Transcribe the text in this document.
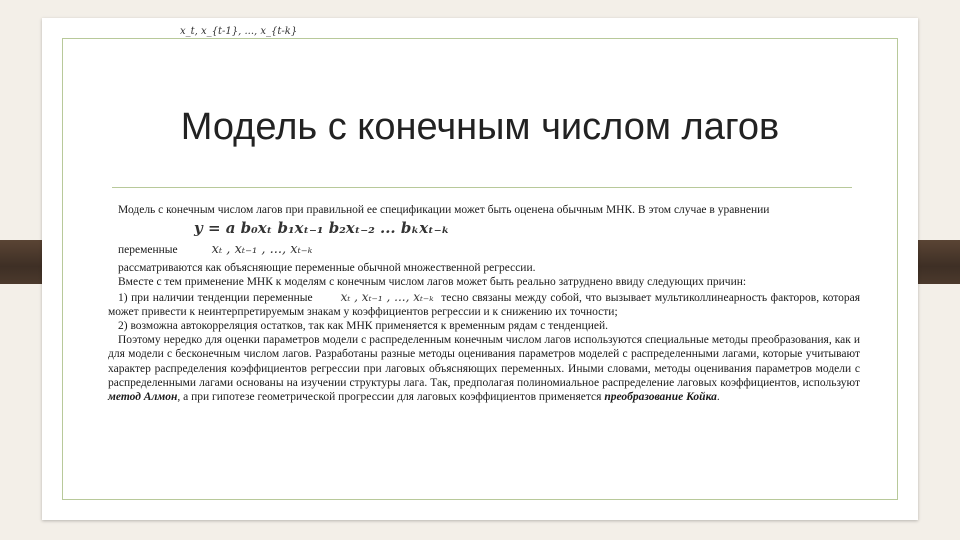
x_t, x_{t-1}, ..., x_{t-k}
Модель с конечным числом лагов

Модель с конечным числом лагов при правильной ее спецификации может быть оценена обычным МНК. В этом случае в уравнении

y = a b₀xₜ b₁xₜ₋₁ b₂xₜ₋₂ ... bₖxₜ₋ₖ
переменные	xₜ , xₜ₋₁ , ..., xₜ₋ₖ

рассматриваются как объясняющие переменные обычной множественной регрессии.

Вместе с тем применение МНК к моделям с конечным числом лагов может быть реально затруднено ввиду следующих причин:

1) при наличии тенденции переменные xₜ , xₜ₋₁ , ..., xₜ₋ₖ тесно связаны между собой, что вызывает мультиколлинеарность факторов, которая может привести к неинтерпретируемым знакам у коэффициентов регрессии и к снижению их точности;

2) возможна автокорреляция остатков, так как МНК применяется к временным рядам с тенденцией.

Поэтому нередко для оценки параметров модели с распределенным конечным числом лагов используются специальные методы преобразования, как и для модели с бесконечным числом лагов. Разработаны разные методы оценивания параметров моделей с распределенными лагами, которые учитывают характер распределения коэффициентов регрессии при лаговых объясняющих переменных. Иными словами, методы оценивания параметров модели с распределенными лагами основаны на изучении структуры лага. Так, предполагая полиномиальное распределение лаговых коэффициентов, используют метод Алмон, а при гипотезе геометрической прогрессии для лаговых коэффициентов применяется преобразование Койка.
